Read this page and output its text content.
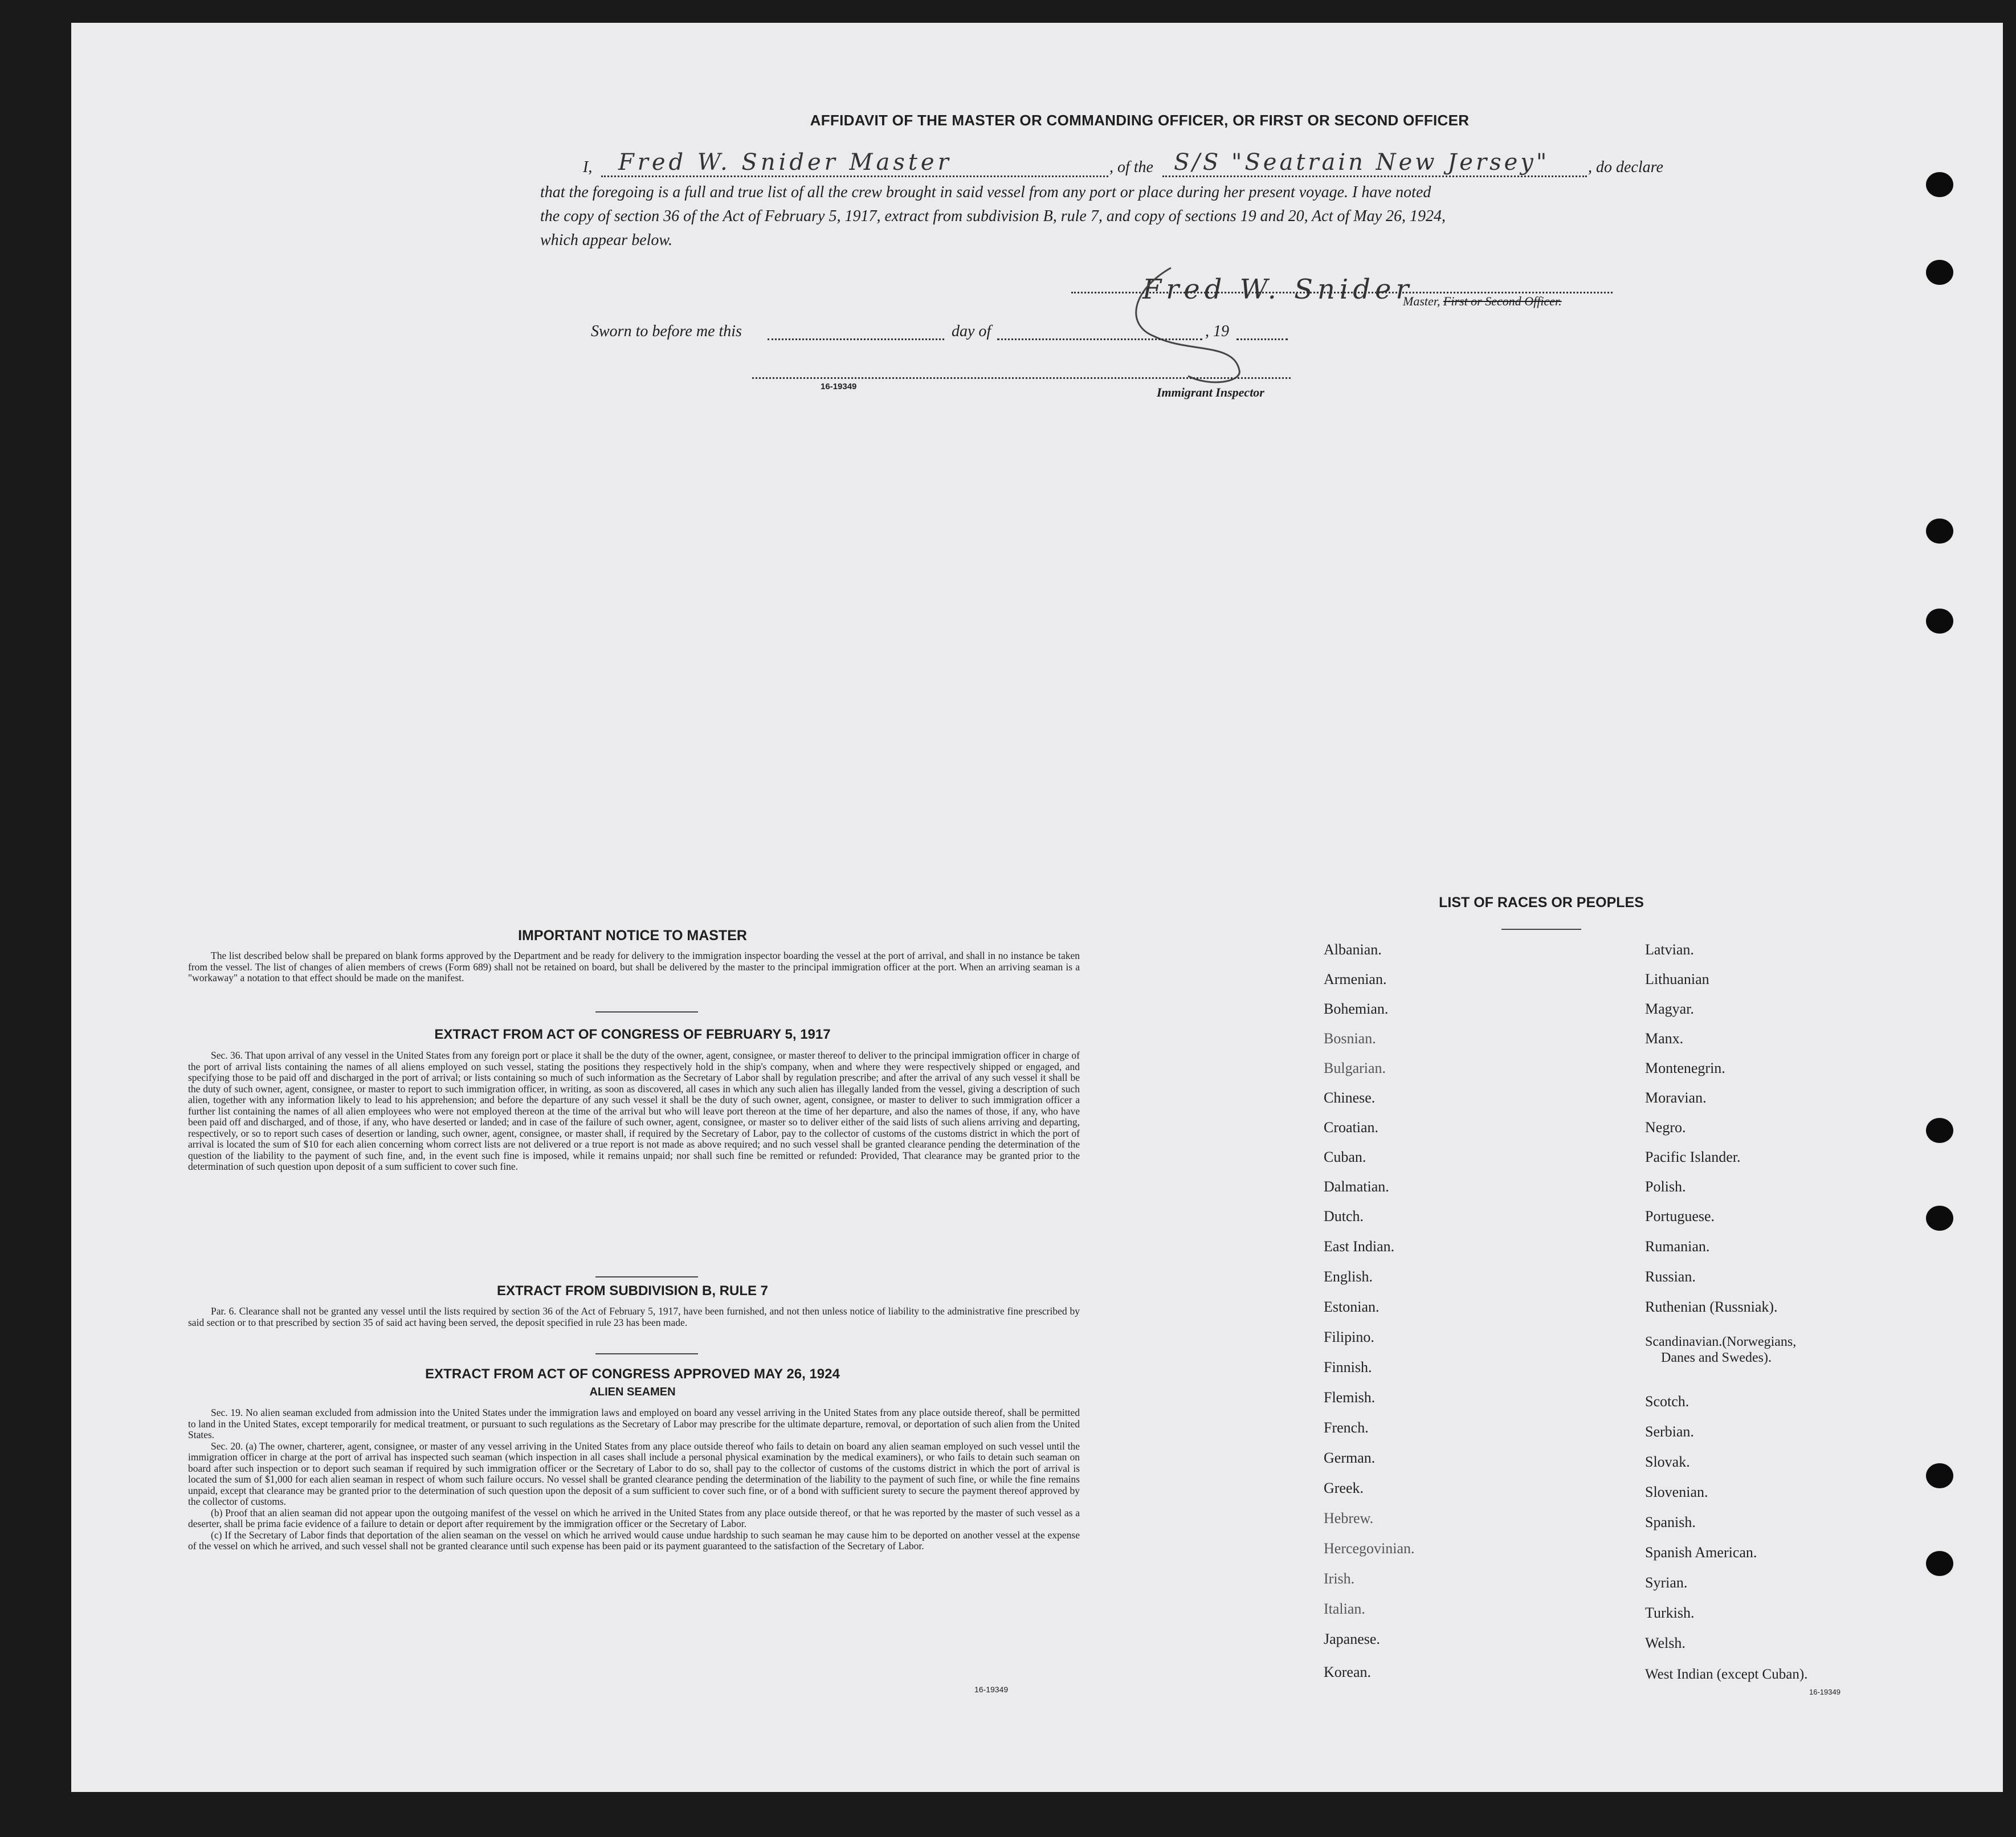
AFFIDAVIT OF THE MASTER OR COMMANDING OFFICER, OR FIRST OR SECOND OFFICER
I, Fred W. Snider Master	, of the S/S "Seatrain New Jersey" , do declare
that the foregoing is a full and true list of all the crew brought in said vessel from any port or place during her present voyage. I have noted
the copy of section 36 of the Act of February 5, 1917, extract from subdivision B, rule 7, and copy of sections 19 and 20, Act of May 26, 1924,
which appear below.
Fred W. Snider
Master, First or Second Officer.
Sworn to before me this	day of	, 19
16-19349	Immigrant Inspector
IMPORTANT NOTICE TO MASTER

The list described below shall be prepared on blank forms approved by the Department and be ready for delivery to the immigration inspector boarding the vessel at the port of arrival, and shall in no instance be taken from the vessel. The list of changes of alien members of crews (Form 689) shall not be retained on board, but shall be delivered by the master to the principal immigration officer at the port. When an arriving seaman is a "workaway" a notation to that effect should be made on the manifest.

EXTRACT FROM ACT OF CONGRESS OF FEBRUARY 5, 1917

Sec. 36. That upon arrival of any vessel in the United States from any foreign port or place it shall be the duty of the owner, agent, consignee, or master thereof to deliver to the principal immigration officer in charge of the port of arrival lists containing the names of all aliens employed on such vessel, stating the positions they respectively hold in the ship's company, when and where they were respectively shipped or engaged, and specifying those to be paid off and discharged in the port of arrival; or lists containing so much of such information as the Secretary of Labor shall by regulation prescribe; and after the arrival of any such vessel it shall be the duty of such owner, agent, consignee, or master to report to such immigration officer, in writing, as soon as discovered, all cases in which any such alien has illegally landed from the vessel, giving a description of such alien, together with any information likely to lead to his apprehension; and before the departure of any such vessel it shall be the duty of such owner, agent, consignee, or master to deliver to such immigration officer a further list containing the names of all alien employees who were not employed thereon at the time of the arrival but who will leave port thereon at the time of her departure, and also the names of those, if any, who have been paid off and discharged, and of those, if any, who have deserted or landed; and in case of the failure of such owner, agent, consignee, or master so to deliver either of the said lists of such aliens arriving and departing, respectively, or so to report such cases of desertion or landing, such owner, agent, consignee, or master shall, if required by the Secretary of Labor, pay to the collector of customs of the customs district in which the port of arrival is located the sum of $10 for each alien concerning whom correct lists are not delivered or a true report is not made as above required; and no such vessel shall be granted clearance pending the determination of the question of the liability to the payment of such fine, and, in the event such fine is imposed, while it remains unpaid; nor shall such fine be remitted or refunded: Provided, That clearance may be granted prior to the determination of such question upon deposit of a sum sufficient to cover such fine.

EXTRACT FROM SUBDIVISION B, RULE 7

Par. 6. Clearance shall not be granted any vessel until the lists required by section 36 of the Act of February 5, 1917, have been furnished, and not then unless notice of liability to the administrative fine prescribed by said section or to that prescribed by section 35 of said act having been served, the deposit specified in rule 23 has been made.

EXTRACT FROM ACT OF CONGRESS APPROVED MAY 26, 1924
ALIEN SEAMEN

Sec. 19. No alien seaman excluded from admission into the United States under the immigration laws and employed on board any vessel arriving in the United States from any place outside thereof, shall be permitted to land in the United States, except temporarily for medical treatment, or pursuant to such regulations as the Secretary of Labor may prescribe for the ultimate departure, removal, or deportation of such alien from the United States.

Sec. 20. (a) The owner, charterer, agent, consignee, or master of any vessel arriving in the United States from any place outside thereof who fails to detain on board any alien seaman employed on such vessel until the immigration officer in charge at the port of arrival has inspected such seaman (which inspection in all cases shall include a personal physical examination by the medical examiners), or who fails to detain such seaman on board after such inspection or to deport such seaman if required by such immigration officer or the Secretary of Labor to do so, shall pay to the collector of customs of the customs district in which the port of arrival is located the sum of $1,000 for each alien seaman in respect of whom such failure occurs. No vessel shall be granted clearance pending the determination of the liability to the payment of such fine, or while the fine remains unpaid, except that clearance may be granted prior to the determination of such question upon the deposit of a sum sufficient to cover such fine, or of a bond with sufficient surety to secure the payment thereof approved by the collector of customs.

(b) Proof that an alien seaman did not appear upon the outgoing manifest of the vessel on which he arrived in the United States from any place outside thereof, or that he was reported by the master of such vessel as a deserter, shall be prima facie evidence of a failure to detain or deport after requirement by the immigration officer or the Secretary of Labor.

(c) If the Secretary of Labor finds that deportation of the alien seaman on the vessel on which he arrived would cause undue hardship to such seaman he may cause him to be deported on another vessel at the expense of the vessel on which he arrived, and such vessel shall not be granted clearance until such expense has been paid or its payment guaranteed to the satisfaction of the Secretary of Labor.

16-19349
LIST OF RACES OR PEOPLES
Albanian.
Armenian.
Bohemian.
Bosnian.
Bulgarian.
Chinese.
Croatian.
Cuban.
Dalmatian.
Dutch.
East Indian.
English.
Estonian.
Filipino.
Finnish.
Flemish.
French.
German.
Greek.
Hebrew.
Hercegovinian.
Irish.
Italian.
Japanese.
Korean.
Latvian.
Lithuanian
Magyar.
Manx.
Montenegrin.
Moravian.
Negro.
Pacific Islander.
Polish.
Portuguese.
Rumanian.
Russian.
Ruthenian (Russniak).
Scandinavian.(Norwegians,
Danes and Swedes).
Scotch.
Serbian.
Slovak.
Slovenian.
Spanish.
Spanish American.
Syrian.
Turkish.
Welsh.
West Indian (except Cuban).
16-19349
